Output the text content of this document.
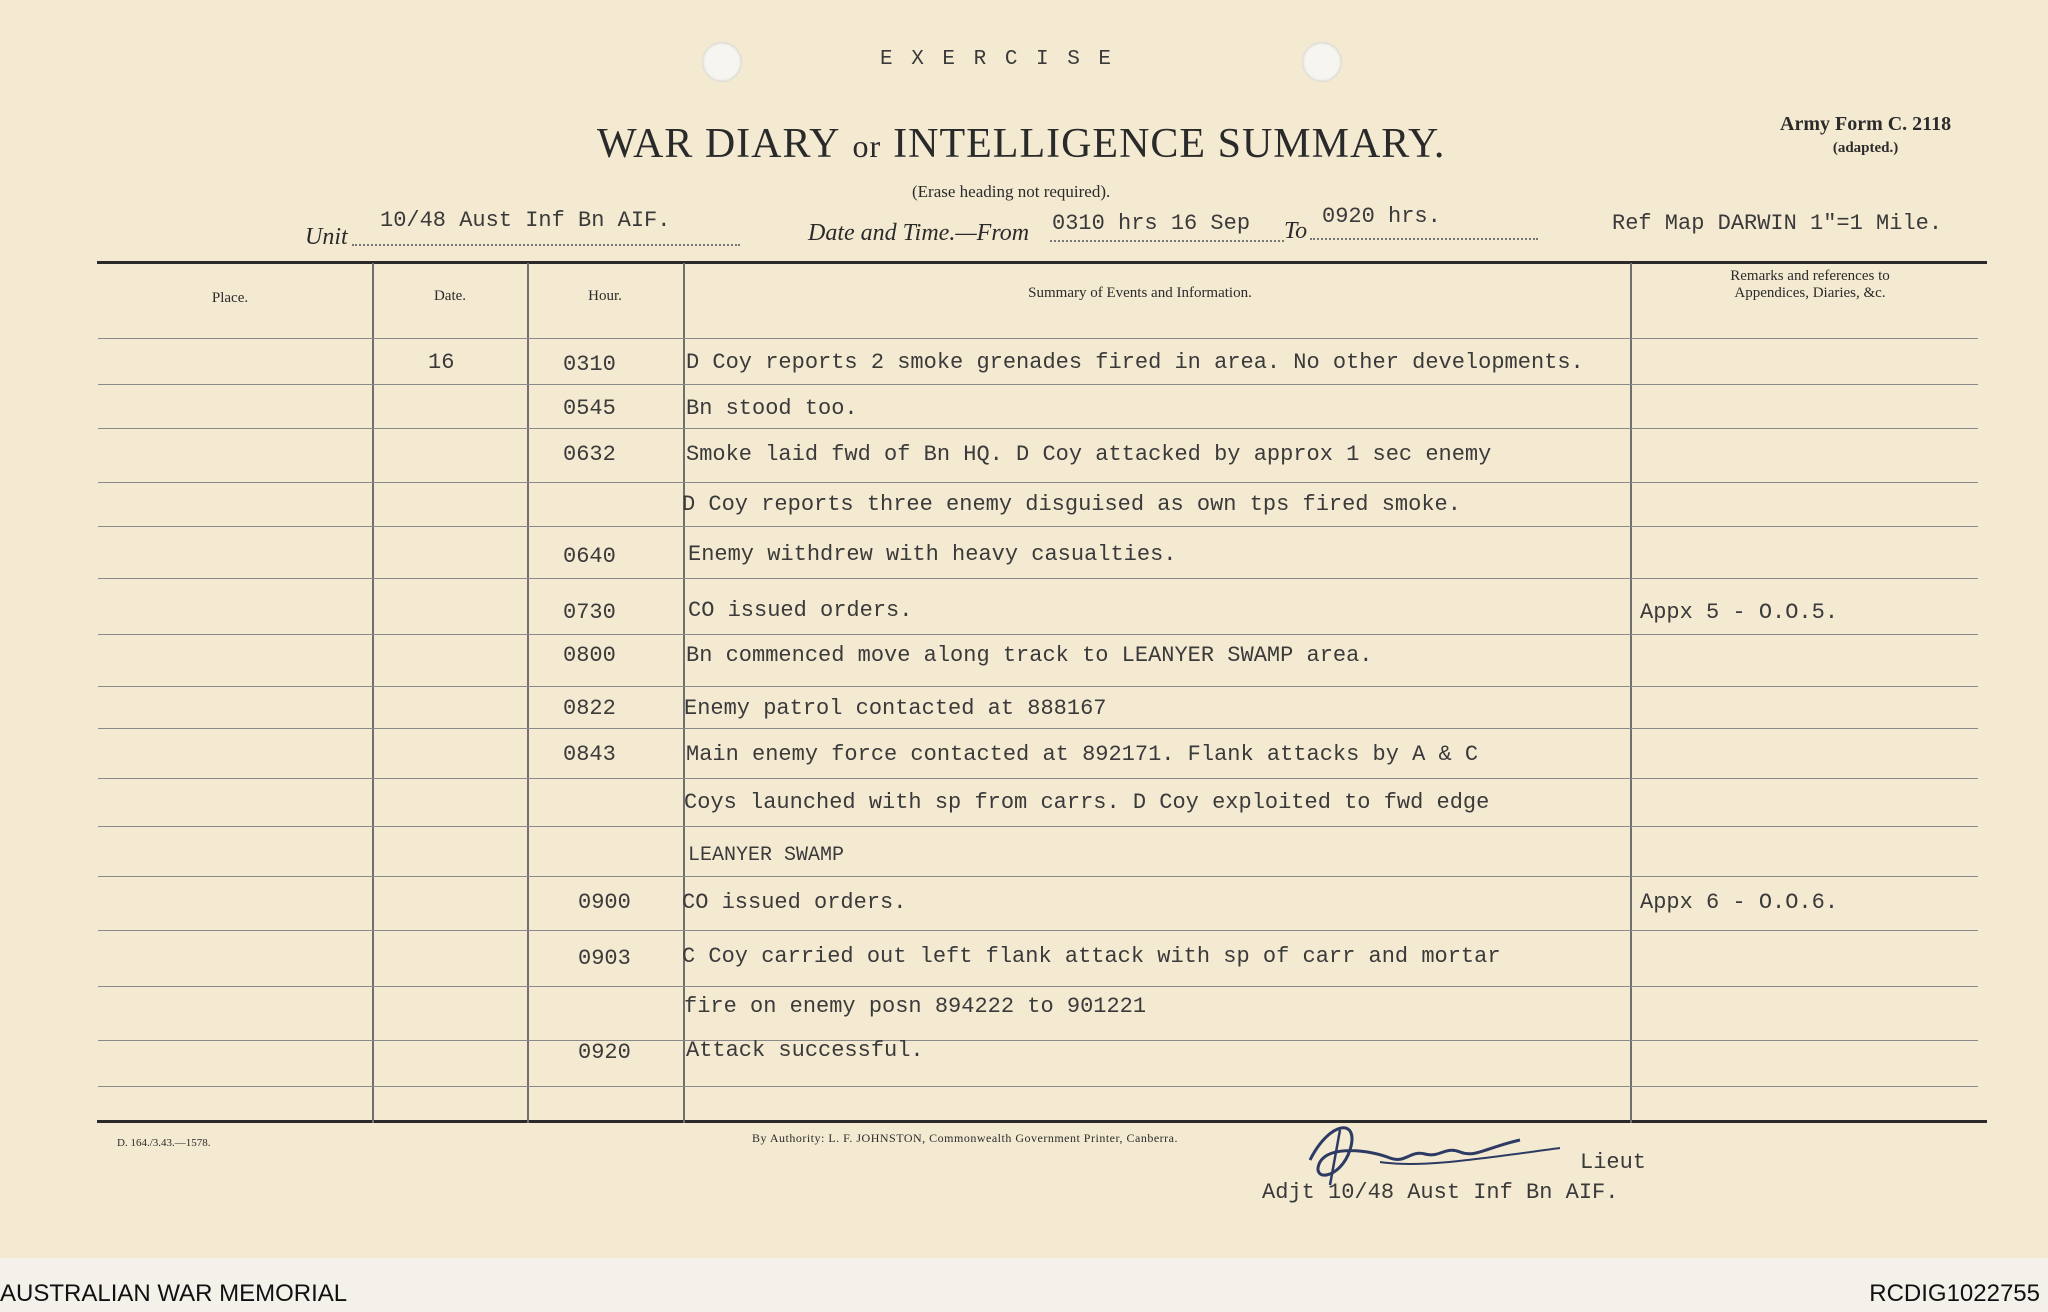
E X E R C I S E
WAR DIARY or INTELLIGENCE SUMMARY.	Army Form C. 2118
(adapted.)
(Erase heading not required).
Unit
10/48 Aust Inf Bn AIF.	Date and Time.—From 0310 hrs 16 Sep To
0920 hrs.	Ref Map DARWIN 1"=1 Mile.
Place.	Date.	Hour.	Summary of Events and Information.
Remarks and references to
Appendices, Diaries, &c.
16	0310	D Coy reports 2 smoke grenades fired in area. No other developments.
0545	Bn stood too.
0632	Smoke laid fwd of Bn HQ. D Coy attacked by approx 1 sec enemy
D Coy reports three enemy disguised as own tps fired smoke.
0640	Enemy withdrew with heavy casualties.
0730	CO issued orders.	Appx 5 - O.O.5.
0800	Bn commenced move along track to LEANYER SWAMP area.
0822	Enemy patrol contacted at 888167
0843	Main enemy force contacted at 892171. Flank attacks by A & C
Coys launched with sp from carrs. D Coy exploited to fwd edge
LEANYER SWAMP
0900 CO issued orders.	Appx 6 - O.O.6.
0903 C Coy carried out left flank attack with sp of carr and mortar
fire on enemy posn 894222 to 901221
0920	Attack successful.
D. 164./3.43.—1578.	By Authority: L. F. JOHNSTON, Commonwealth Government Printer, Canberra.
Lieut
Adjt 10/48 Aust Inf Bn AIF.
AUSTRALIAN WAR MEMORIAL	RCDIG1022755
